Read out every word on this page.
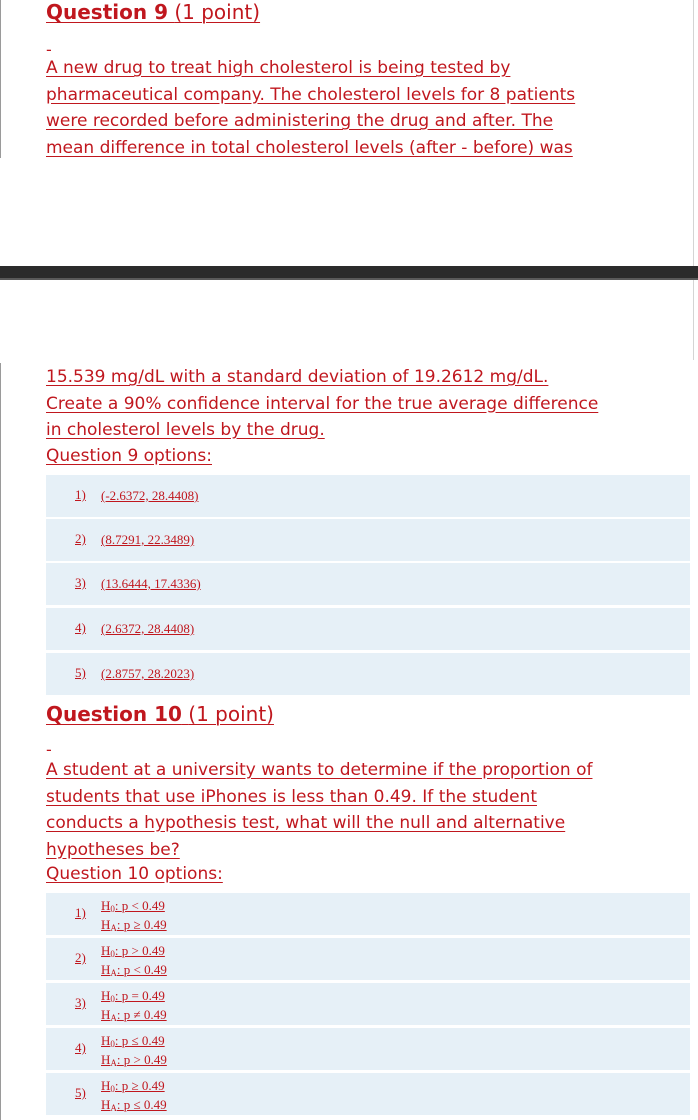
Question 9 (1 point)
-
A new drug to treat high cholesterol is being tested by
pharmaceutical company. The cholesterol levels for 8 patients
were recorded before administering the drug and after. The
mean difference in total cholesterol levels (after - before) was
15.539 mg/dL with a standard deviation of 19.2612 mg/dL.
Create a 90% confidence interval for the true average difference
in cholesterol levels by the drug.
Question 9 options:
1) (-2.6372, 28.4408)
2) (8.7291, 22.3489)
3) (13.6444, 17.4336)
4) (2.6372, 28.4408)
5) (2.8757, 28.2023)
Question 10 (1 point)
-
A student at a university wants to determine if the proportion of
students that use iPhones is less than 0.49. If the student
conducts a hypothesis test, what will the null and alternative
hypotheses be?
Question 10 options:
1) $H_0$: p < 0.49
$H_A$: p ≥ 0.49
2) $H_0$: p > 0.49
$H_A$: p < 0.49
3) $H_0$: p = 0.49
$H_A$: p ≠ 0.49
4) $H_0$: p ≤ 0.49
$H_A$: p > 0.49
5) $H_0$: p ≥ 0.49
$H_A$: p ≤ 0.49
